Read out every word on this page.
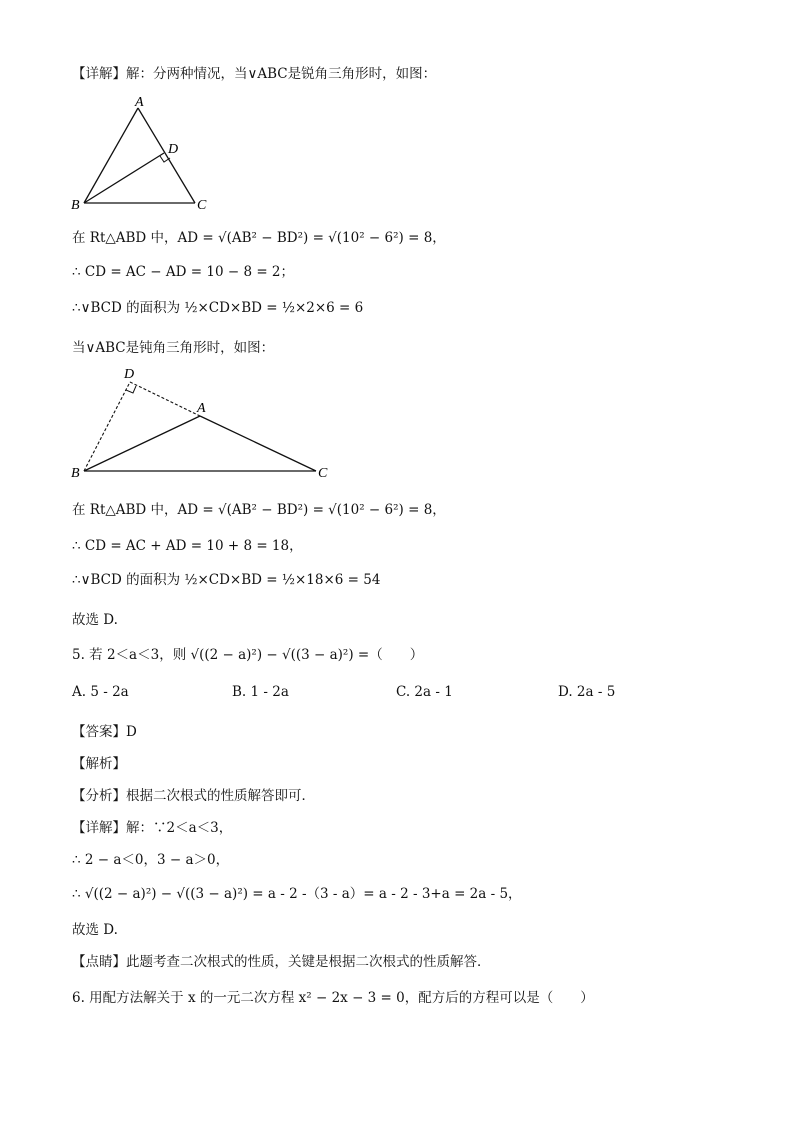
【详解】解：分两种情况，当∨ABC是锐角三角形时，如图：
A
D
B	C
在 Rt△ABD 中，AD = √(AB² − BD²) = √(10² − 6²) = 8，
∴ CD = AC − AD = 10 − 8 = 2；
∴∨BCD 的面积为 ½×CD×BD = ½×2×6 = 6
当∨ABC是钝角三角形时，如图：
D
A
B	C
在 Rt△ABD 中，AD = √(AB² − BD²) = √(10² − 6²) = 8，
∴ CD = AC + AD = 10 + 8 = 18，
∴∨BCD 的面积为 ½×CD×BD = ½×18×6 = 54
故选 D.
5. 若 2＜a＜3，则 √((2 − a)²) − √((3 − a)²) =（　　）
A. 5 - 2a	B. 1 - 2a	C. 2a - 1	D. 2a - 5
【答案】D
【解析】
【分析】根据二次根式的性质解答即可．
【详解】解：∵2＜a＜3，
∴ 2 − a＜0，3 − a＞0，
∴ √((2 − a)²) − √((3 − a)²) = a - 2 -（3 - a）= a - 2 - 3+a = 2a - 5，
故选 D.
【点睛】此题考查二次根式的性质，关键是根据二次根式的性质解答．
6. 用配方法解关于 x 的一元二次方程 x² − 2x − 3 = 0，配方后的方程可以是（　　）
